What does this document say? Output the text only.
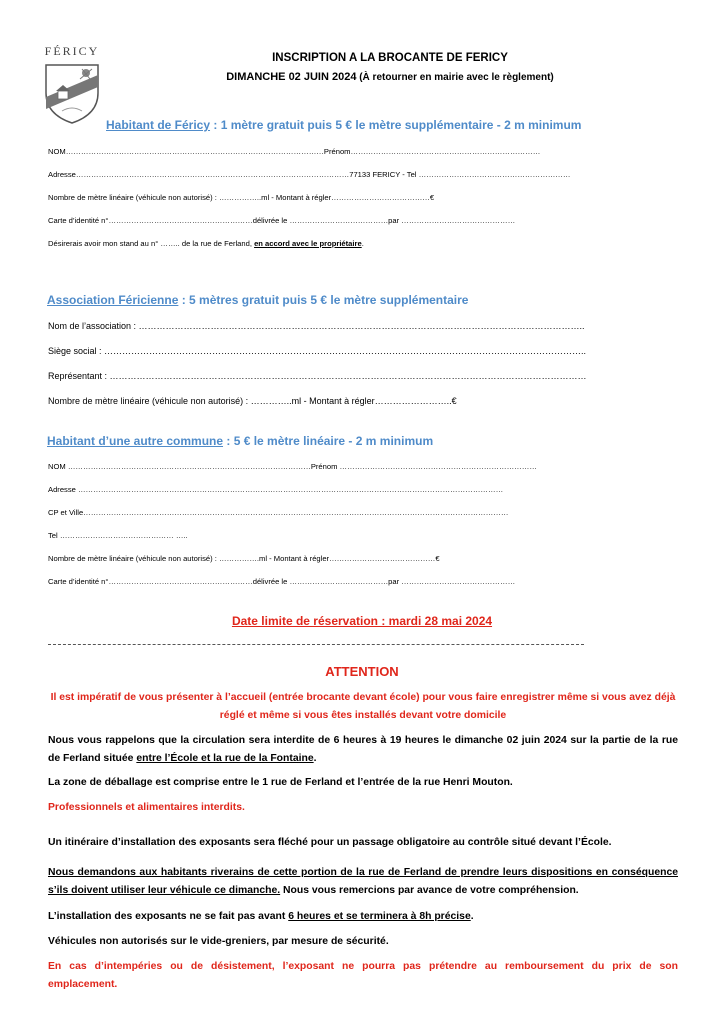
FÉRICY	INSCRIPTION A LA BROCANTE DE FERICY
DIMANCHE 02 JUIN 2024 (À retourner en mairie avec le règlement)
Habitant de Féricy : 1 mètre gratuit puis 5 € le mètre supplémentaire - 2 m minimum
NOM…………………………………………………………………………………………Prénom…………………………………………………………………
Adresse………………………………………………………………………………………………77133 FERICY - Tel ……………………………………………………
Nombre de mètre linéaire (véhicule non autorisé) : ……………..ml - Montant à régler…………………………………€
Carte d’identité n°…………………………………………………délivrée le …………………………………par ………………………………………
Désirerais avoir mon stand au n° …….. de la rue de Ferland, en accord avec le propriétaire.
Association Féricienne : 5 mètres gratuit puis 5 € le mètre supplémentaire
Nom de l’association : …………………………………………………………………………………………………………………………………..
Siège social : ……………………………………………………………………………………………………………………………………………..
Représentant : ……………………………………………………………………………………………………………………………………………
Nombre de mètre linéaire (véhicule non autorisé) : …………..ml - Montant à régler……………………..€
Habitant d’une autre commune : 5 € le mètre linéaire - 2 m minimum
NOM ……………………………………………………………………………………Prénom ……………………………………………………………………
Adresse ……………………………………………………………………………………………………………………………………………………
CP et Ville……………………………………………………………………………………………………………………………………………………
Tel ……………………………………… …..
Nombre de mètre linéaire (véhicule non autorisé) : …………….ml - Montant à régler……………………………………€
Carte d’identité n°…………………………………………………délivrée le …………………………………par ………………………………………
Date limite de réservation : mardi 28 mai 2024
ATTENTION
Il est impératif de vous présenter à l’accueil (entrée brocante devant école) pour vous faire enregistrer même si vous avez déjà réglé et même si vous êtes installés devant votre domicile
Nous vous rappelons que la circulation sera interdite de 6 heures à 19 heures le dimanche 02 juin 2024 sur la partie de la rue
de Ferland située entre l’École et la rue de la Fontaine.
La zone de déballage est comprise entre le 1 rue de Ferland et l’entrée de la rue Henri Mouton.
Professionnels et alimentaires interdits.
Un itinéraire d’installation des exposants sera fléché pour un passage obligatoire au contrôle situé devant l’École.
Nous demandons aux habitants riverains de cette portion de la rue de Ferland de prendre leurs dispositions en conséquence
s’ils doivent utiliser leur véhicule ce dimanche. Nous vous remercions par avance de votre compréhension.
L’installation des exposants ne se fait pas avant 6 heures et se terminera à 8h précise.
Véhicules non autorisés sur le vide-greniers, par mesure de sécurité.
En cas d’intempéries ou de désistement, l’exposant ne pourra pas prétendre au remboursement du prix de son
emplacement.
